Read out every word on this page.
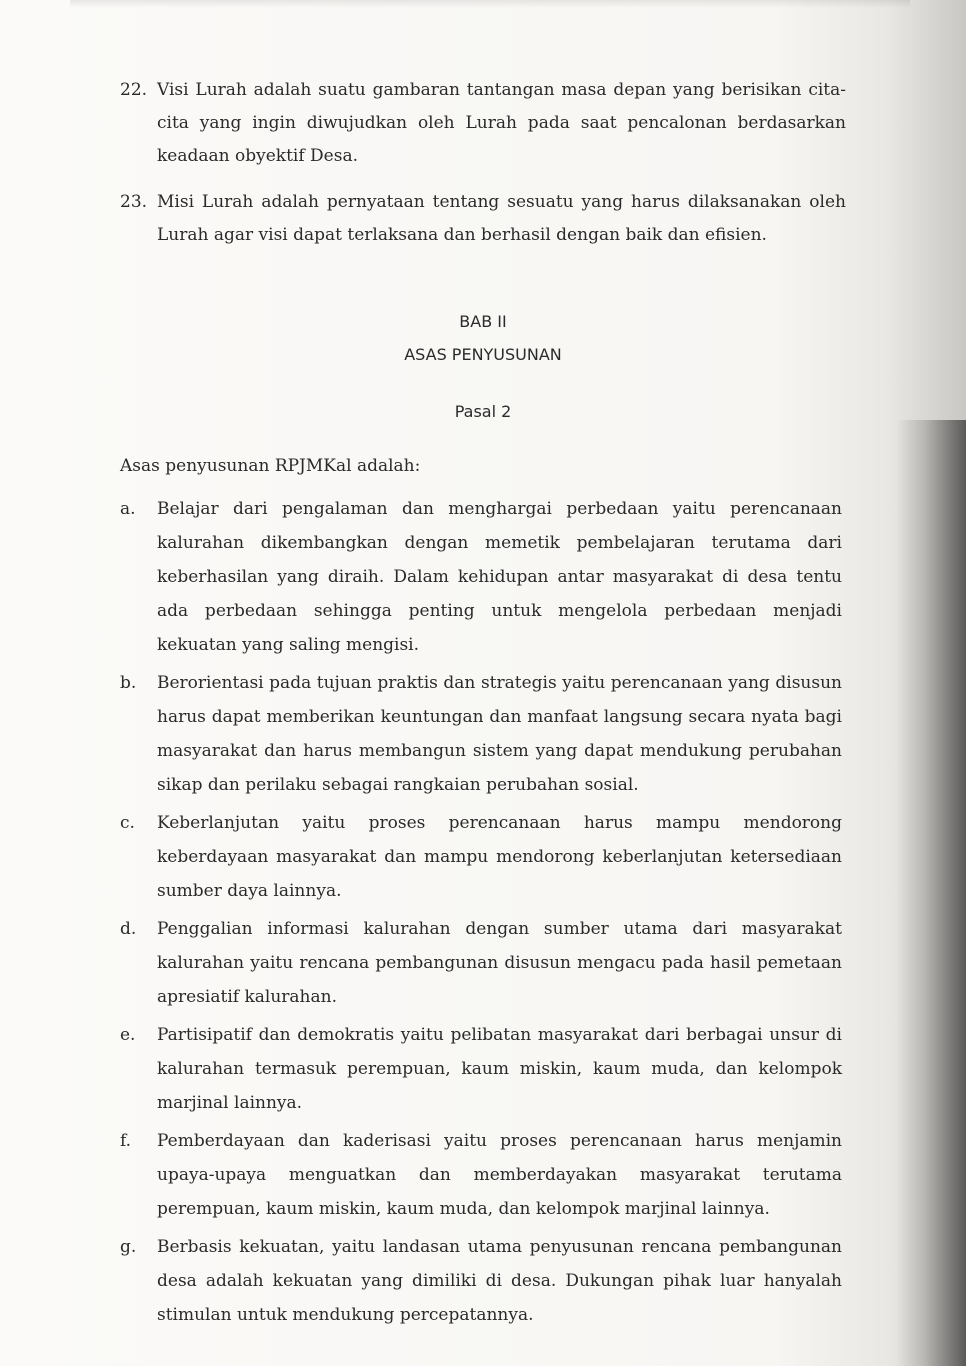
22. Visi Lurah adalah suatu gambaran tantangan masa depan yang berisikan cita-cita yang ingin diwujudkan oleh Lurah pada saat pencalonan berdasarkan keadaan obyektif Desa.
23. Misi Lurah adalah pernyataan tentang sesuatu yang harus dilaksanakan oleh Lurah agar visi dapat terlaksana dan berhasil dengan baik dan efisien.
BAB II
ASAS PENYUSUNAN
Pasal 2
Asas penyusunan RPJMKal adalah:
a. Belajar dari pengalaman dan menghargai perbedaan yaitu perencanaan kalurahan dikembangkan dengan memetik pembelajaran terutama dari keberhasilan yang diraih. Dalam kehidupan antar masyarakat di desa tentu ada perbedaan sehingga penting untuk mengelola perbedaan menjadi kekuatan yang saling mengisi.
b. Berorientasi pada tujuan praktis dan strategis yaitu perencanaan yang disusun harus dapat memberikan keuntungan dan manfaat langsung secara nyata bagi masyarakat dan harus membangun sistem yang dapat mendukung perubahan sikap dan perilaku sebagai rangkaian perubahan sosial.
c. Keberlanjutan yaitu proses perencanaan harus mampu mendorong keberdayaan masyarakat dan mampu mendorong keberlanjutan ketersediaan sumber daya lainnya.
d. Penggalian informasi kalurahan dengan sumber utama dari masyarakat kalurahan yaitu rencana pembangunan disusun mengacu pada hasil pemetaan apresiatif kalurahan.
e. Partisipatif dan demokratis yaitu pelibatan masyarakat dari berbagai unsur di kalurahan termasuk perempuan, kaum miskin, kaum muda, dan kelompok marjinal lainnya.
f. Pemberdayaan dan kaderisasi yaitu proses perencanaan harus menjamin upaya-upaya menguatkan dan memberdayakan masyarakat terutama perempuan, kaum miskin, kaum muda, dan kelompok marjinal lainnya.
g. Berbasis kekuatan, yaitu landasan utama penyusunan rencana pembangunan desa adalah kekuatan yang dimiliki di desa. Dukungan pihak luar hanyalah stimulan untuk mendukung percepatannya.
